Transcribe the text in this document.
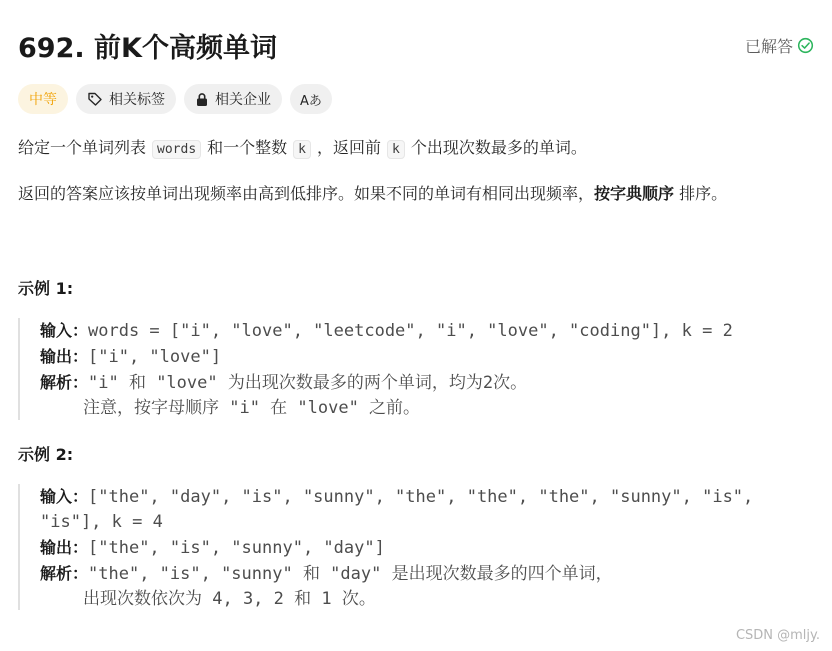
692. 前K个高频单词	已解答
中等	相关标签	相关企业 Aあ
给定一个单词列表 words 和一个整数 k ，返回前 k 个出现次数最多的单词。
返回的答案应该按单词出现频率由高到低排序。如果不同的单词有相同出现频率，按字典顺序 排序。
示例 1:
输入：words = ["i", "love", "leetcode", "i", "love", "coding"], k = 2
输出：["i", "love"]
解析："i" 和 "love" 为出现次数最多的两个单词，均为2次。
注意，按字母顺序 "i" 在 "love" 之前。
示例 2:
输入：["the", "day", "is", "sunny", "the", "the", "the", "sunny", "is",
"is"], k = 4
输出：["the", "is", "sunny", "day"]
解析："the", "is", "sunny" 和 "day" 是出现次数最多的四个单词，
出现次数依次为 4, 3, 2 和 1 次。
CSDN @mljy.
